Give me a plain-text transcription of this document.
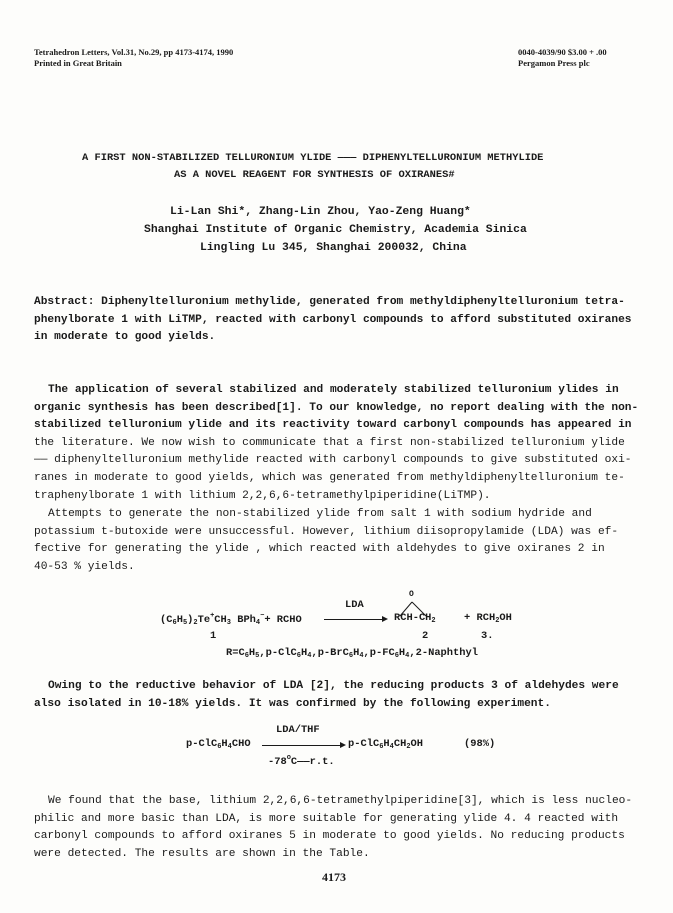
Tetrahedron Letters, Vol.31, No.29, pp 4173-4174, 1990
Printed in Great Britain
0040-4039/90 $3.00 + .00
Pergamon Press plc
A FIRST NON-STABILIZED TELLURONIUM YLIDE ——— DIPHENYLTELLURONIUM METHYLIDE
AS A NOVEL REAGENT FOR SYNTHESIS OF OXIRANES#
Li-Lan Shi*, Zhang-Lin Zhou, Yao-Zeng Huang*
Shanghai Institute of Organic Chemistry, Academia Sinica
Lingling Lu 345, Shanghai 200032, China
Abstract: Diphenyltelluronium methylide, generated from methyldiphenyltelluronium tetra-
phenylborate 1 with LiTMP, reacted with carbonyl compounds to afford substituted oxiranes
in moderate to good yields.
The application of several stabilized and moderately stabilized telluronium ylides in
organic synthesis has been described[1]. To our knowledge, no report dealing with the non-
stabilized telluronium ylide and its reactivity toward carbonyl compounds has appeared in
the literature. We now wish to communicate that a first non-stabilized telluronium ylide
—— diphenyltelluronium methylide reacted with carbonyl compounds to give substituted oxi-
ranes in moderate to good yields, which was generated from methyldiphenyltelluronium te-
traphenylborate 1 with lithium 2,2,6,6-tetramethylpiperidine(LiTMP).
Attempts to generate the non-stabilized ylide from salt 1 with sodium hydride and
potassium t-butoxide were unsuccessful. However, lithium diisopropylamide (LDA) was ef-
fective for generating the ylide , which reacted with aldehydes to give oxiranes 2 in
40-53 % yields.
$(C_6H_5)_2Te^+CH_3$ BPh$_4$−+ RCHO
LDA
O
RCH-$CH_2$	+ $RCH_2OH$
1	2	3.
$R=C_6H_5,p-ClC_6H_4,p-BrC_6H_4,p-FC_6H_4,2$-Naphthyl
Owing to the reductive behavior of LDA [2], the reducing products 3 of aldehydes were
also isolated in 10-18% yields. It was confirmed by the following experiment.
LDA/THF
$p-ClC_6H_4CHO$	$p-ClC_6H_4CH_2OH$	(98%)
-78$^o$C——r.t.
We found that the base, lithium 2,2,6,6-tetramethylpiperidine[3], which is less nucleo-
philic and more basic than LDA, is more suitable for generating ylide 4. 4 reacted with
carbonyl compounds to afford oxiranes 5 in moderate to good yields. No reducing products
were detected. The results are shown in the Table.
4173
